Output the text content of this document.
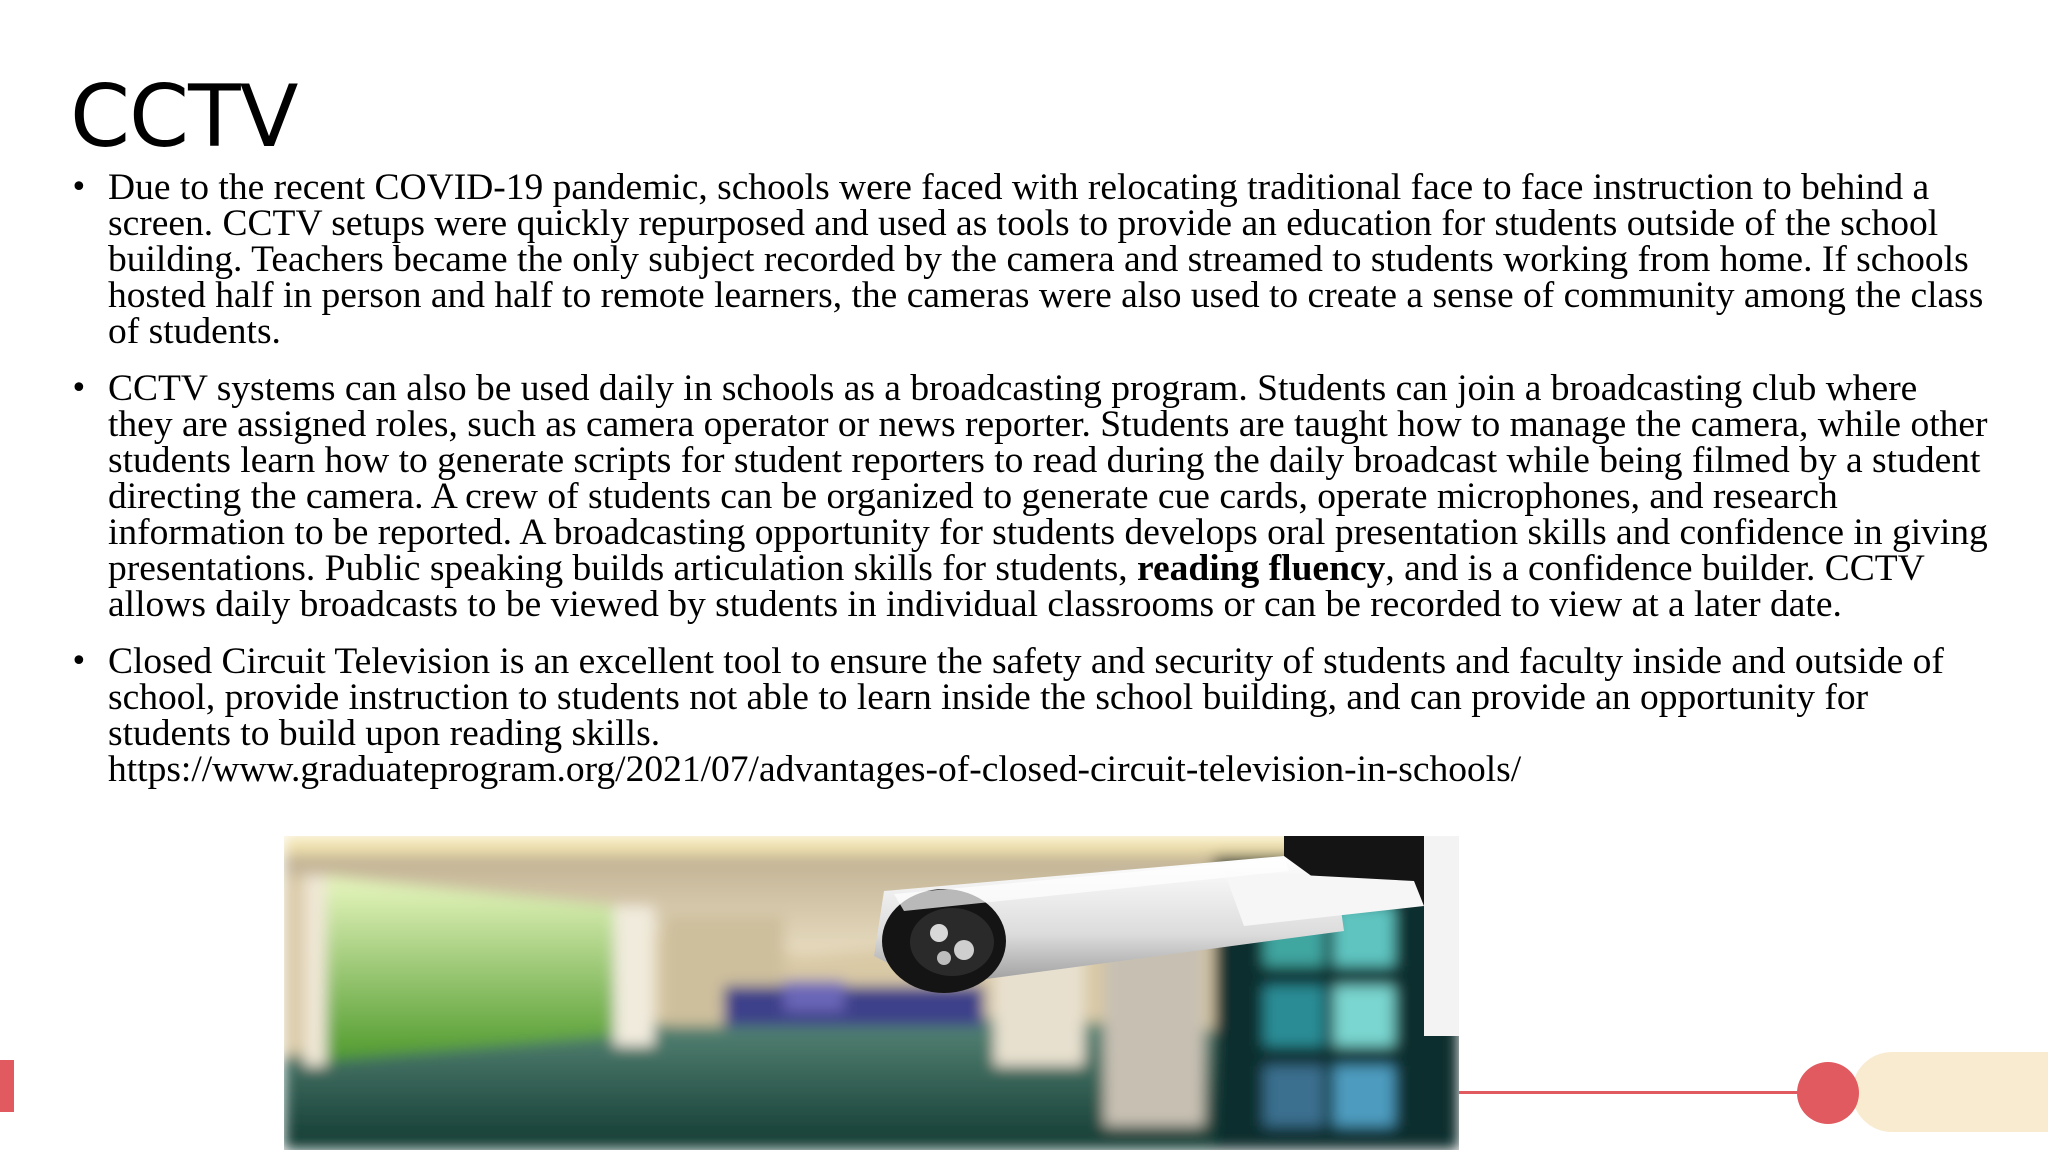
CCTV
• Due to the recent COVID-19 pandemic, schools were faced with relocating traditional face to face instruction to behind a screen. CCTV setups were quickly repurposed and used as tools to provide an education for students outside of the school building. Teachers became the only subject recorded by the camera and streamed to students working from home. If schools hosted half in person and half to remote learners, the cameras were also used to create a sense of community among the class of students.
• CCTV systems can also be used daily in schools as a broadcasting program. Students can join a broadcasting club where they are assigned roles, such as camera operator or news reporter. Students are taught how to manage the camera, while other students learn how to generate scripts for student reporters to read during the daily broadcast while being filmed by a student directing the camera. A crew of students can be organized to generate cue cards, operate microphones, and research information to be reported. A broadcasting opportunity for students develops oral presentation skills and confidence in giving presentations. Public speaking builds articulation skills for students, reading fluency, and is a confidence builder. CCTV allows daily broadcasts to be viewed by students in individual classrooms or can be recorded to view at a later date.
• Closed Circuit Television is an excellent tool to ensure the safety and security of students and faculty inside and outside of school, provide instruction to students not able to learn inside the school building, and can provide an opportunity for students to build upon reading skills.
https://www.graduateprogram.org/2021/07/advantages-of-closed-circuit-television-in-schools/
